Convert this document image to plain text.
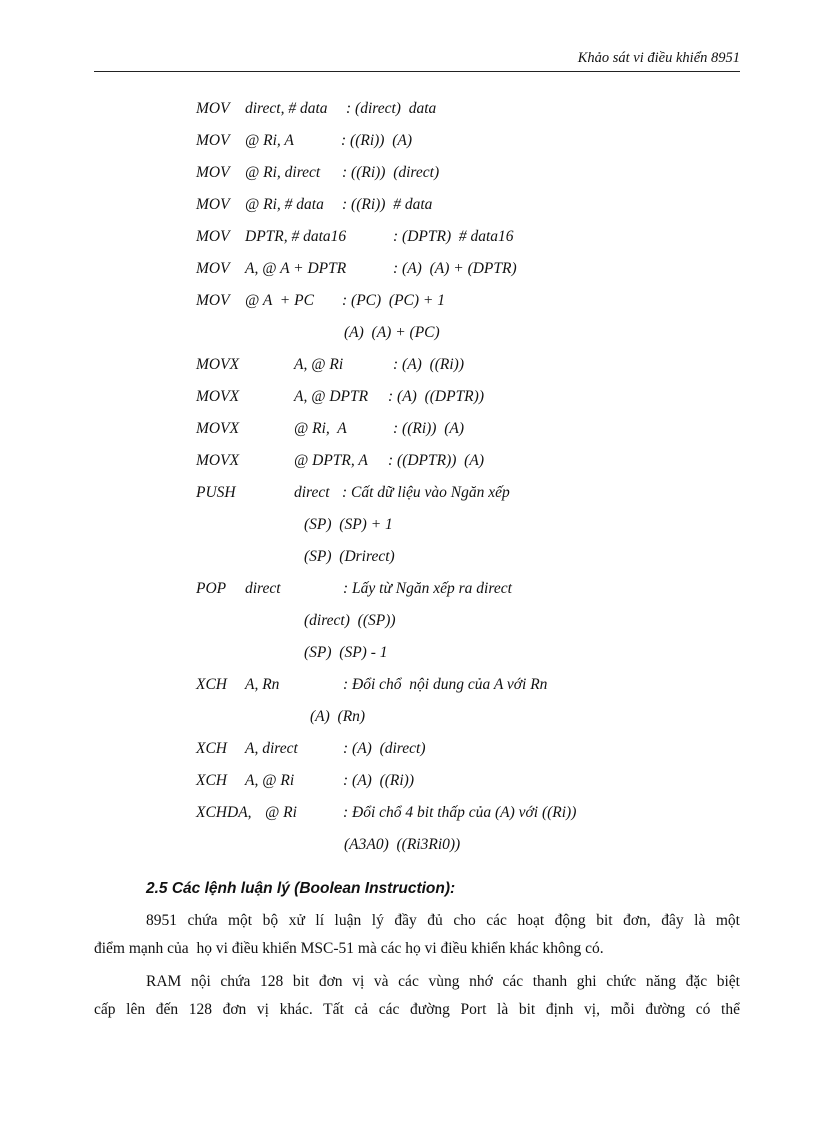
Khảo sát vi điều khiển 8951
MOV direct, # data : (direct)  data
MOV @ Ri, A	: ((Ri))  (A)
MOV @ Ri, direct : ((Ri))  (direct)
MOV @ Ri, # data : ((Ri))  # data
MOV DPTR, # data16	: (DPTR)  # data16
MOV A, @ A + DPTR	: (A)  (A) + (DPTR)
MOV @ A  + PC : (PC)  (PC) + 1
(A)  (A) + (PC)
MOVX	A, @ Ri	: (A)  ((Ri))
MOVX	A, @ DPTR : (A)  ((DPTR))
MOVX	@ Ri,  A	: ((Ri))  (A)
MOVX	@ DPTR, A : ((DPTR))  (A)
PUSH	direct : Cất dữ liệu vào Ngăn xếp
(SP)  (SP) + 1
(SP)  (Drirect)
POP direct	: Lấy từ Ngăn xếp ra direct
(direct)  ((SP))
(SP)  (SP) - 1
XCH A, Rn	: Đổi chổ  nội dung của A với Rn
(A)  (Rn)
XCH A, direct	: (A)  (direct)
XCH A, @ Ri	: (A)  ((Ri))
XCHDA, @ Ri	: Đổi chổ 4 bit thấp của (A) với ((Ri))
(A3A0)  ((Ri3Ri0))
2.5 Các lệnh luận lý (Boolean Instruction):
8951 chứa một bộ xử lí luận lý đầy đủ cho các hoạt động bit đơn, đây là một
điểm mạnh của  họ vi điều khiển MSC-51 mà các họ vi điều khiển khác không có.
RAM nội chứa 128 bit đơn vị và các vùng nhớ các thanh ghi chức năng đặc biệt
cấp lên đến 128 đơn vị khác. Tất cả các đường Port là bit định vị, mỗi đường có thể
